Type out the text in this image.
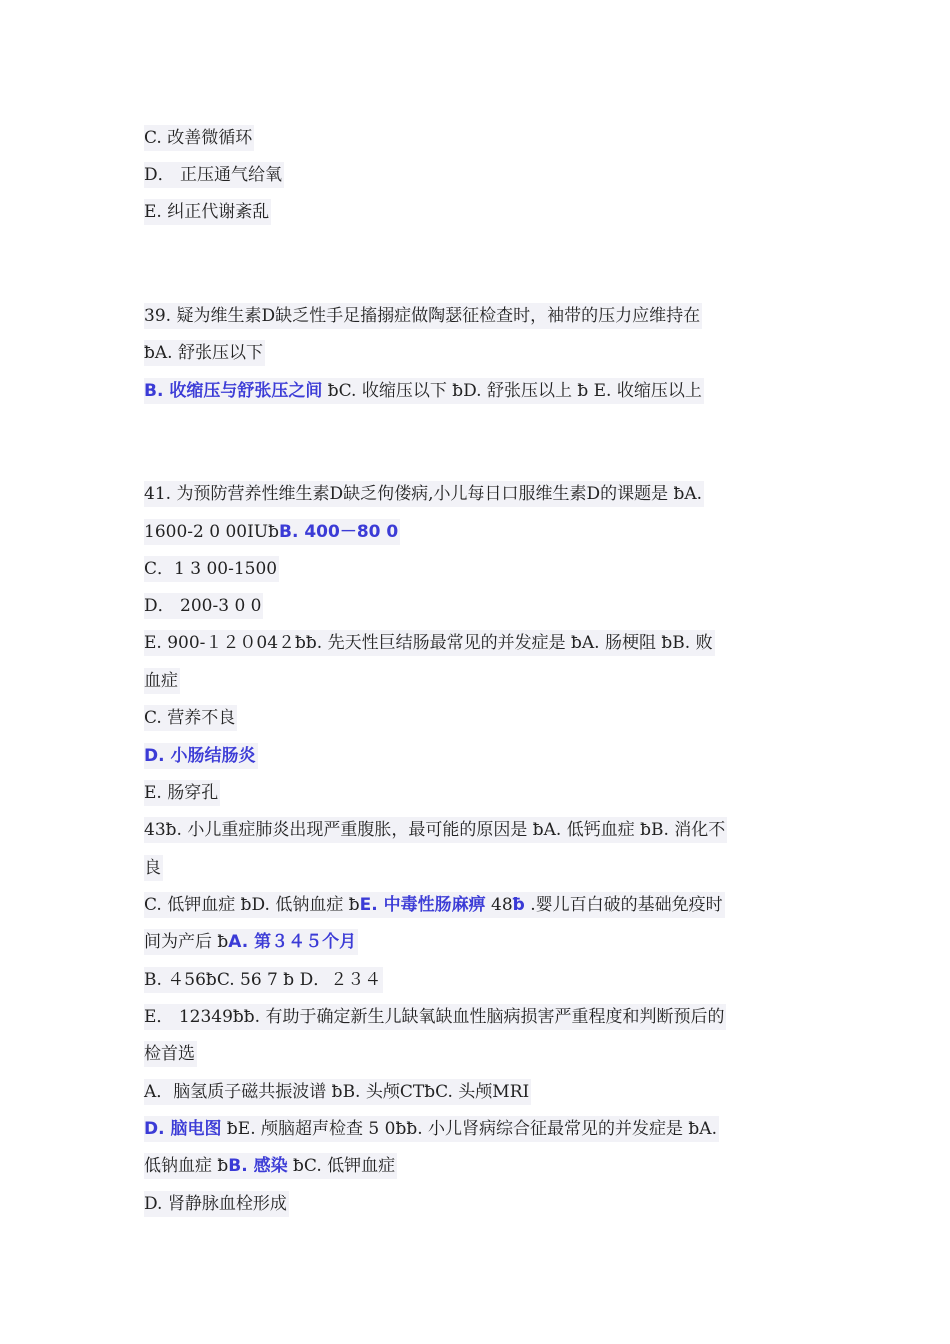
C. 改善微循环
D． 正压通气给氧
E. 纠正代谢紊乱
39. 疑为维生素D缺乏性手足搐搦症做陶瑟征检查时，袖带的压力应维持在
ƀA. 舒张压以下
B. 收缩压与舒张压之间 ƀC. 收缩压以下 ƀD. 舒张压以上 ƀ E. 收缩压以上
41. 为预防营养性维生素D缺乏佝偻病,小儿每日口服维生素D的课题是 ƀA.
1600-2 0 00IUƀB. 400－80 0
C．1 3 00-1500
D． 200-3 0 0
E. 900-１２０04２ƀƀ. 先天性巨结肠最常见的并发症是 ƀA. 肠梗阻 ƀB. 败
血症
C. 营养不良
D. 小肠结肠炎
E. 肠穿孔
43ƀ. 小儿重症肺炎出现严重腹胀，最可能的原因是 ƀA. 低钙血症 ƀB. 消化不
良
C. 低钾血症 ƀD. 低钠血症 ƀE. 中毒性肠麻痹 48ƀ .婴儿百白破的基础免疫时
间为产后 ƀA. 第３４５个月
B. ４56ƀC. 56 7 ƀ D．２３４
E． 12349ƀƀ. 有助于确定新生儿缺氧缺血性脑病损害严重程度和判断预后的
检首选
A．脑氢质子磁共振波谱 ƀB. 头颅CTƀC. 头颅MRI
D. 脑电图 ƀE. 颅脑超声检查 5 0ƀƀ. 小儿肾病综合征最常见的并发症是 ƀA.
低钠血症 ƀB. 感染 ƀC. 低钾血症
D. 肾静脉血栓形成
